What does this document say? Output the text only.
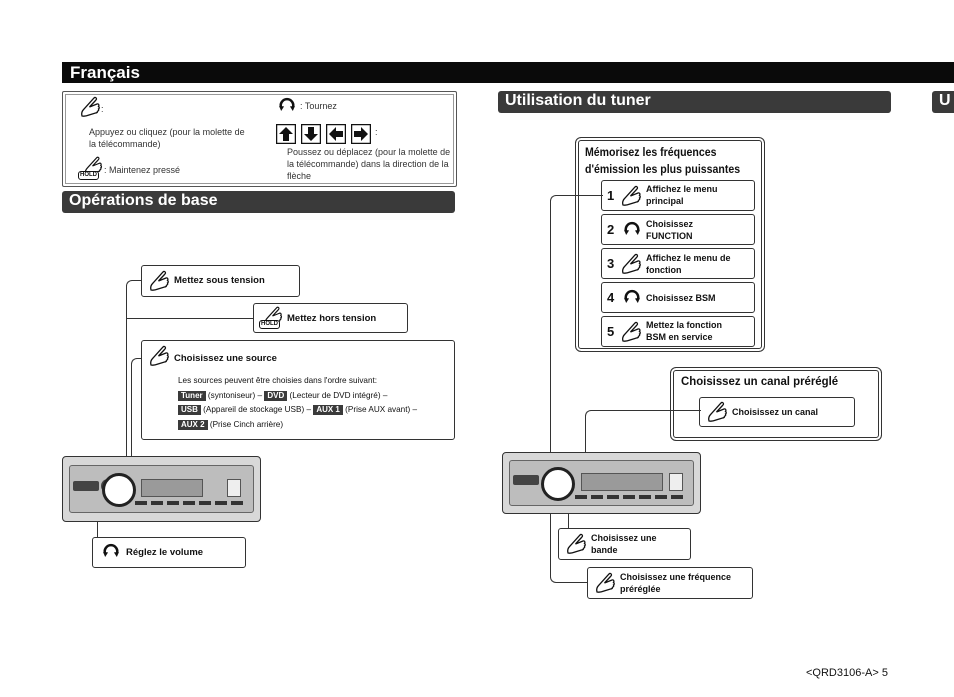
Français
:
Appuyez ou cliquez (pour la molette de la télécommande)
HOLD : Maintenez pressé
: Tournez
:
Poussez ou déplacez (pour la molette de la télécommande) dans la direction de la flèche
Opérations de base
Mettez sous tension
HOLD Mettez hors tension
Choisissez une source
Les sources peuvent être choisies dans l'ordre suivant:
Tuner (syntoniseur) – DVD (Lecteur de DVD intégré) –
USB (Appareil de stockage USB) – AUX 1 (Prise AUX avant) –
AUX 2 (Prise Cinch arrière)
Réglez le volume
Utilisation du tuner	U
Mémorisez les fréquences
d'émission les plus puissantes
1	Affichez le menu
principal
2	Choisissez
FUNCTION
3	Affichez le menu de
fonction
4	Choisissez BSM
5	Mettez la fonction
BSM en service
Choisissez un canal préréglé
Choisissez un canal
Choisissez une
bande
Choisissez une fréquence
préréglée
<QRD3106-A> 5
